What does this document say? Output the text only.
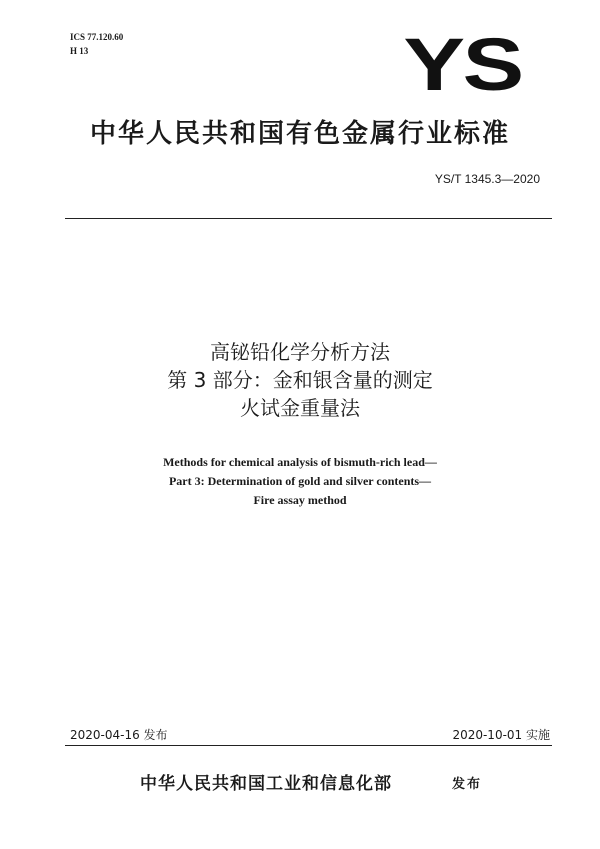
ICS 77.120.60
H 13	YS
中华人民共和国有色金属行业标准
YS/T 1345.3—2020
高铋铅化学分析方法
第 3 部分：金和银含量的测定
火试金重量法
Methods for chemical analysis of bismuth-rich lead—
Part 3: Determination of gold and silver contents—
Fire assay method
2020-04-16 发布	2020-10-01 实施
中华人民共和国工业和信息化部	发布
